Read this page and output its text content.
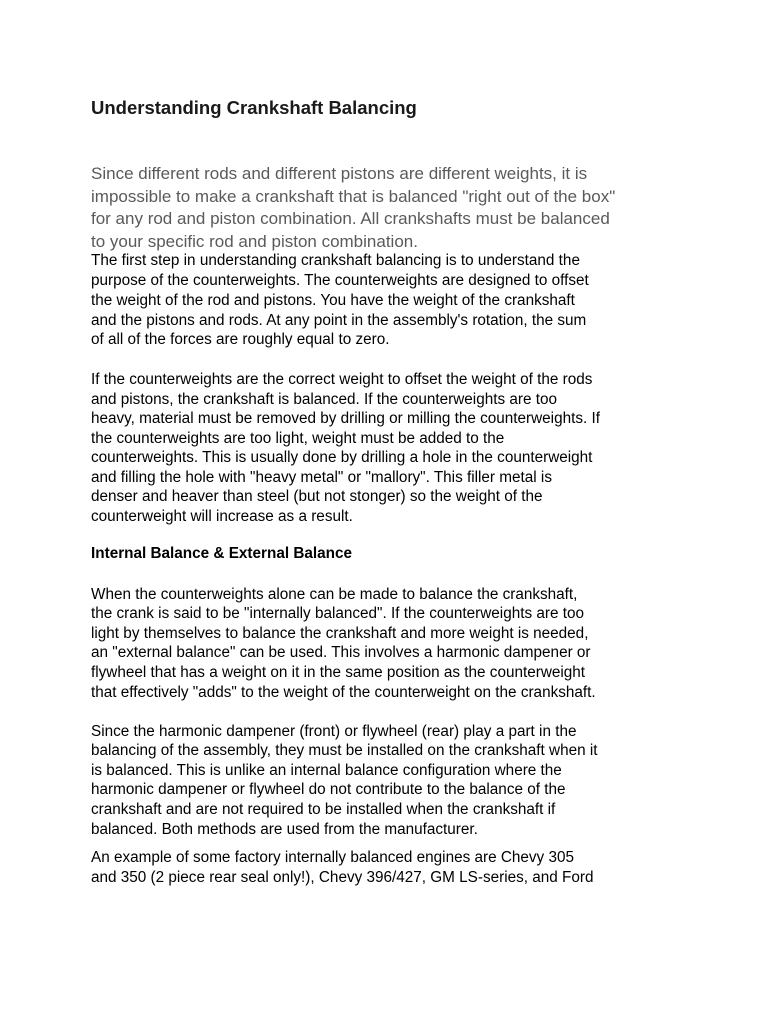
Understanding Crankshaft Balancing
Since different rods and different pistons are different weights, it is
impossible to make a crankshaft that is balanced "right out of the box"
for any rod and piston combination. All crankshafts must be balanced
to your specific rod and piston combination.
The first step in understanding crankshaft balancing is to understand the
purpose of the counterweights. The counterweights are designed to offset
the weight of the rod and pistons. You have the weight of the crankshaft
and the pistons and rods. At any point in the assembly's rotation, the sum
of all of the forces are roughly equal to zero.
If the counterweights are the correct weight to offset the weight of the rods
and pistons, the crankshaft is balanced. If the counterweights are too
heavy, material must be removed by drilling or milling the counterweights. If
the counterweights are too light, weight must be added to the
counterweights. This is usually done by drilling a hole in the counterweight
and filling the hole with "heavy metal" or "mallory". This filler metal is
denser and heaver than steel (but not stonger) so the weight of the
counterweight will increase as a result.
Internal Balance & External Balance
When the counterweights alone can be made to balance the crankshaft,
the crank is said to be "internally balanced". If the counterweights are too
light by themselves to balance the crankshaft and more weight is needed,
an "external balance" can be used. This involves a harmonic dampener or
flywheel that has a weight on it in the same position as the counterweight
that effectively "adds" to the weight of the counterweight on the crankshaft.
Since the harmonic dampener (front) or flywheel (rear) play a part in the
balancing of the assembly, they must be installed on the crankshaft when it
is balanced. This is unlike an internal balance configuration where the
harmonic dampener or flywheel do not contribute to the balance of the
crankshaft and are not required to be installed when the crankshaft if
balanced. Both methods are used from the manufacturer.
An example of some factory internally balanced engines are Chevy 305
and 350 (2 piece rear seal only!), Chevy 396/427, GM LS-series, and Ford
